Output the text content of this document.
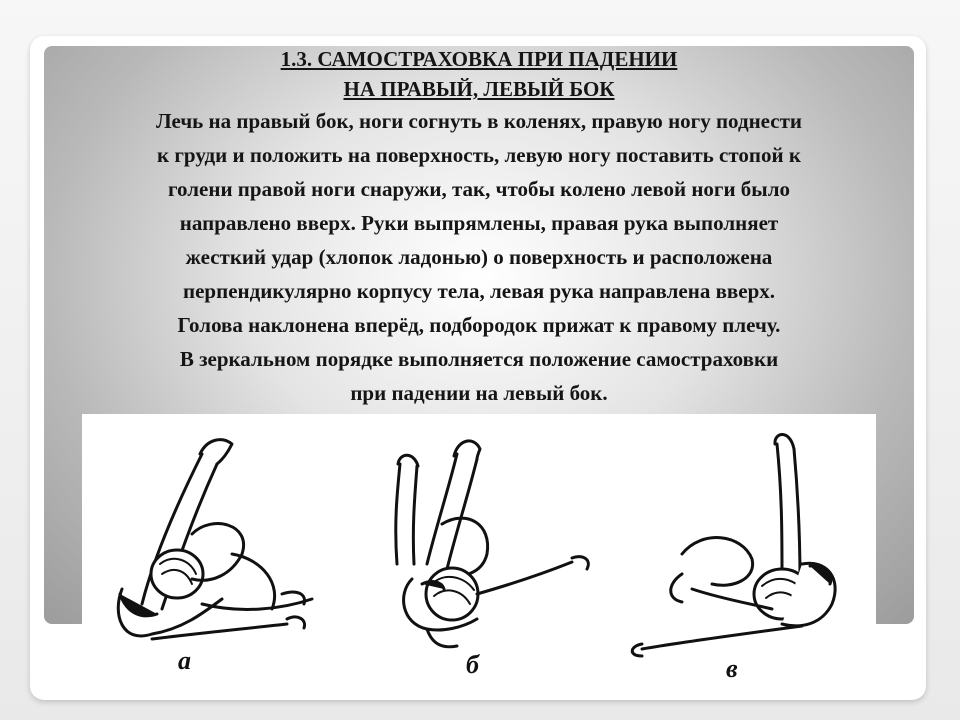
1.3. САМОСТРАХОВКА ПРИ ПАДЕНИИ
НА ПРАВЫЙ, ЛЕВЫЙ БОК
Лечь на правый бок, ноги согнуть в коленях, правую ногу поднести
к груди и положить на поверхность, левую ногу поставить стопой к
голени правой ноги снаружи, так, чтобы колено левой ноги было
направлено вверх. Руки выпрямлены, правая рука выполняет
жесткий удар (хлопок ладонью) о поверхность и расположена
перпендикулярно корпусу тела, левая рука направлена вверх.
Голова наклонена вперёд, подбородок прижат к правому плечу.
В зеркальном порядке выполняется положение самостраховки
при падении на левый бок.
а	б	в
